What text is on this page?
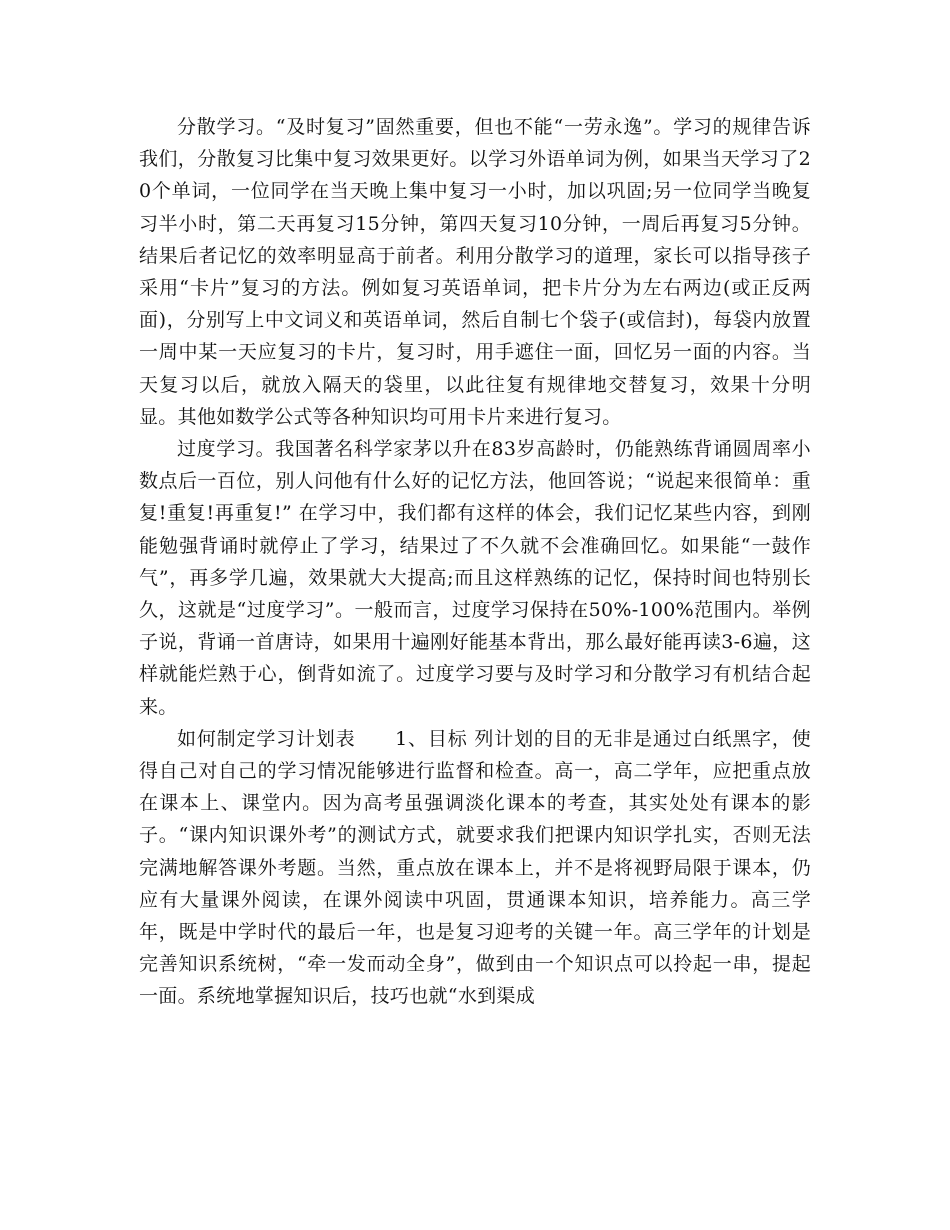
分散学习。“及时复习”固然重要，但也不能“一劳永逸”。学习的规律告诉我们，分散复习比集中复习效果更好。以学习外语单词为例，如果当天学习了20个单词，一位同学在当天晚上集中复习一小时，加以巩固;另一位同学当晚复习半小时，第二天再复习15分钟，第四天复习10分钟，一周后再复习5分钟。结果后者记忆的效率明显高于前者。利用分散学习的道理，家长可以指导孩子采用“卡片”复习的方法。例如复习英语单词，把卡片分为左右两边(或正反两面)，分别写上中文词义和英语单词，然后自制七个袋子(或信封)，每袋内放置一周中某一天应复习的卡片，复习时，用手遮住一面，回忆另一面的内容。当天复习以后，就放入隔天的袋里，以此往复有规律地交替复习，效果十分明显。其他如数学公式等各种知识均可用卡片来进行复习。

过度学习。我国著名科学家茅以升在83岁高龄时，仍能熟练背诵圆周率小数点后一百位，别人问他有什么好的记忆方法，他回答说；“说起来很简单：重复!重复!再重复!” 在学习中，我们都有这样的体会，我们记忆某些内容，到刚能勉强背诵时就停止了学习，结果过了不久就不会准确回忆。如果能“一鼓作气”，再多学几遍，效果就大大提高;而且这样熟练的记忆，保持时间也特别长久，这就是“过度学习”。一般而言，过度学习保持在50%-100%范围内。举例子说，背诵一首唐诗，如果用十遍刚好能基本背出，那么最好能再读3-6遍，这样就能烂熟于心，倒背如流了。过度学习要与及时学习和分散学习有机结合起来。

如何制定学习计划表　　1、目标 列计划的目的无非是通过白纸黑字，使得自己对自己的学习情况能够进行监督和检查。高一，高二学年，应把重点放在课本上、课堂内。因为高考虽强调淡化课本的考查，其实处处有课本的影子。“课内知识课外考”的测试方式，就要求我们把课内知识学扎实，否则无法完满地解答课外考题。当然，重点放在课本上，并不是将视野局限于课本，仍应有大量课外阅读，在课外阅读中巩固，贯通课本知识，培养能力。高三学年，既是中学时代的最后一年，也是复习迎考的关键一年。高三学年的计划是完善知识系统树，“牵一发而动全身”，做到由一个知识点可以拎起一串，提起一面。系统地掌握知识后，技巧也就“水到渠成
